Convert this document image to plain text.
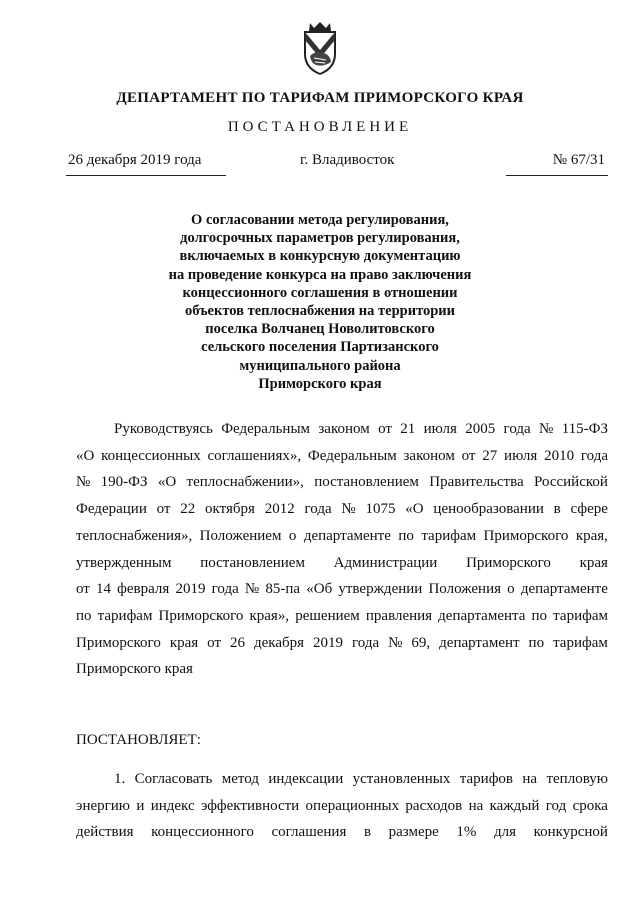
ДЕПАРТАМЕНТ ПО ТАРИФАМ ПРИМОРСКОГО КРАЯ
ПОСТАНОВЛЕНИЕ
26 декабря 2019 года	г. Владивосток	№ 67/31
О согласовании метода регулирования,
долгосрочных параметров регулирования,
включаемых в конкурсную документацию
на проведение конкурса на право заключения
концессионного соглашения в отношении
объектов теплоснабжения на территории
поселка Волчанец Новолитовского
сельского поселения Партизанского
муниципального района
Приморского края
Руководствуясь Федеральным законом от 21 июля 2005 года № 115-ФЗ
«О концессионных соглашениях», Федеральным законом от 27 июля 2010 года
№ 190-ФЗ «О теплоснабжении», постановлением Правительства Российской
Федерации от 22 октября 2012 года № 1075 «О ценообразовании в сфере
теплоснабжения», Положением о департаменте по тарифам Приморского края,
утвержденным постановлением Администрации Приморского края
от 14 февраля 2019 года № 85-па «Об утверждении Положения о департаменте
по тарифам Приморского края», решением правления департамента по тарифам
Приморского края от 26 декабря 2019 года № 69, департамент по тарифам
Приморского края
ПОСТАНОВЛЯЕТ:
1. Согласовать метод индексации установленных тарифов на тепловую
энергию и индекс эффективности операционных расходов на каждый год срока
действия концессионного соглашения в размере 1% для конкурсной
